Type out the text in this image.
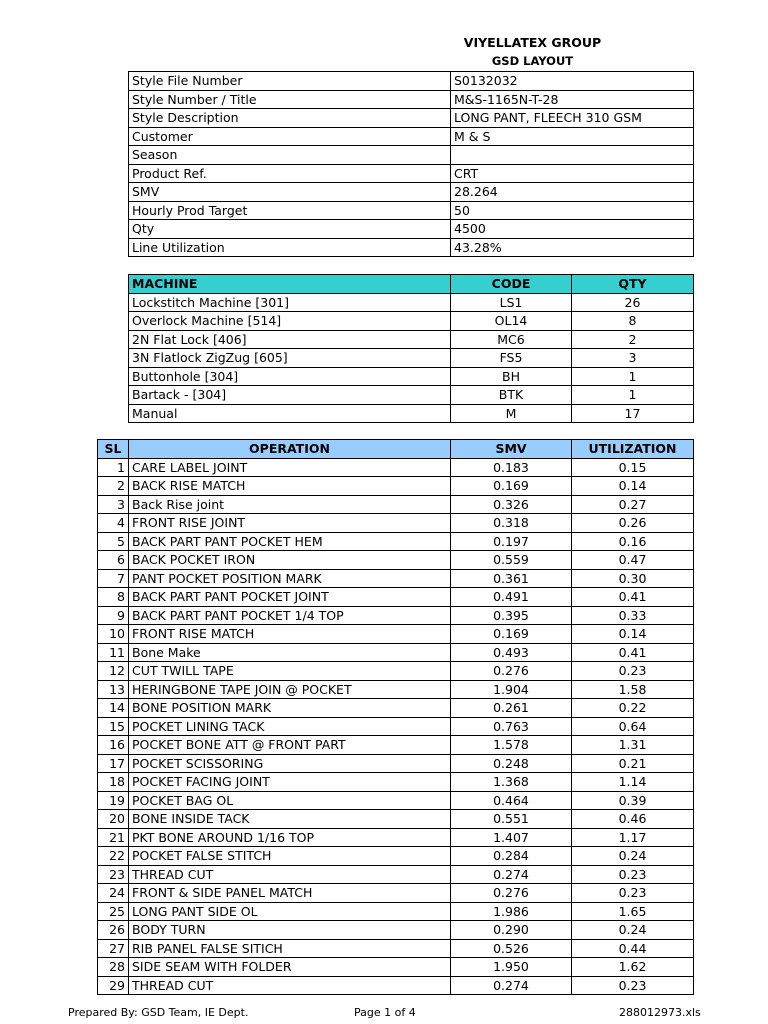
VIYELLATEX GROUP
GSD LAYOUT
Style File Number	S0132032
Style Number / Title	M&S-1165N-T-28
Style Description	LONG PANT, FLEECH 310 GSM
Customer	M & S
Season	
Product Ref.	CRT
SMV	28.264
Hourly Prod Target	50
Qty	4500
Line Utilization	43.28%
MACHINE	CODE	QTY
Lockstitch Machine [301]	LS1	26
Overlock Machine [514]	OL14	8
2N Flat Lock [406]	MC6	2
3N Flatlock ZigZug [605]	FS5	3
Buttonhole [304]	BH	1
Bartack - [304]	BTK	1
Manual	M	17
SL	OPERATION	SMV	UTILIZATION
1	CARE LABEL JOINT	0.183	0.15
2	BACK RISE MATCH	0.169	0.14
3	Back Rise joint	0.326	0.27
4	FRONT RISE JOINT	0.318	0.26
5	BACK PART PANT POCKET HEM	0.197	0.16
6	BACK POCKET IRON	0.559	0.47
7	PANT POCKET POSITION MARK	0.361	0.30
8	BACK PART PANT POCKET JOINT	0.491	0.41
9	BACK PART PANT POCKET 1/4 TOP	0.395	0.33
10	FRONT RISE MATCH	0.169	0.14
11	Bone Make	0.493	0.41
12	CUT TWILL TAPE	0.276	0.23
13	HERINGBONE TAPE JOIN @ POCKET	1.904	1.58
14	BONE POSITION MARK	0.261	0.22
15	POCKET LINING TACK	0.763	0.64
16	POCKET BONE ATT @ FRONT PART	1.578	1.31
17	POCKET SCISSORING	0.248	0.21
18	POCKET FACING JOINT	1.368	1.14
19	POCKET BAG OL	0.464	0.39
20	BONE INSIDE TACK	0.551	0.46
21	PKT BONE AROUND 1/16 TOP	1.407	1.17
22	POCKET FALSE STITCH	0.284	0.24
23	THREAD CUT	0.274	0.23
24	FRONT & SIDE PANEL MATCH	0.276	0.23
25	LONG PANT SIDE OL	1.986	1.65
26	BODY TURN	0.290	0.24
27	RIB PANEL FALSE SITICH	0.526	0.44
28	SIDE SEAM WITH FOLDER	1.950	1.62
29	THREAD CUT	0.274	0.23
Prepared By: GSD Team, IE Dept.	Page 1 of 4	288012973.xls
